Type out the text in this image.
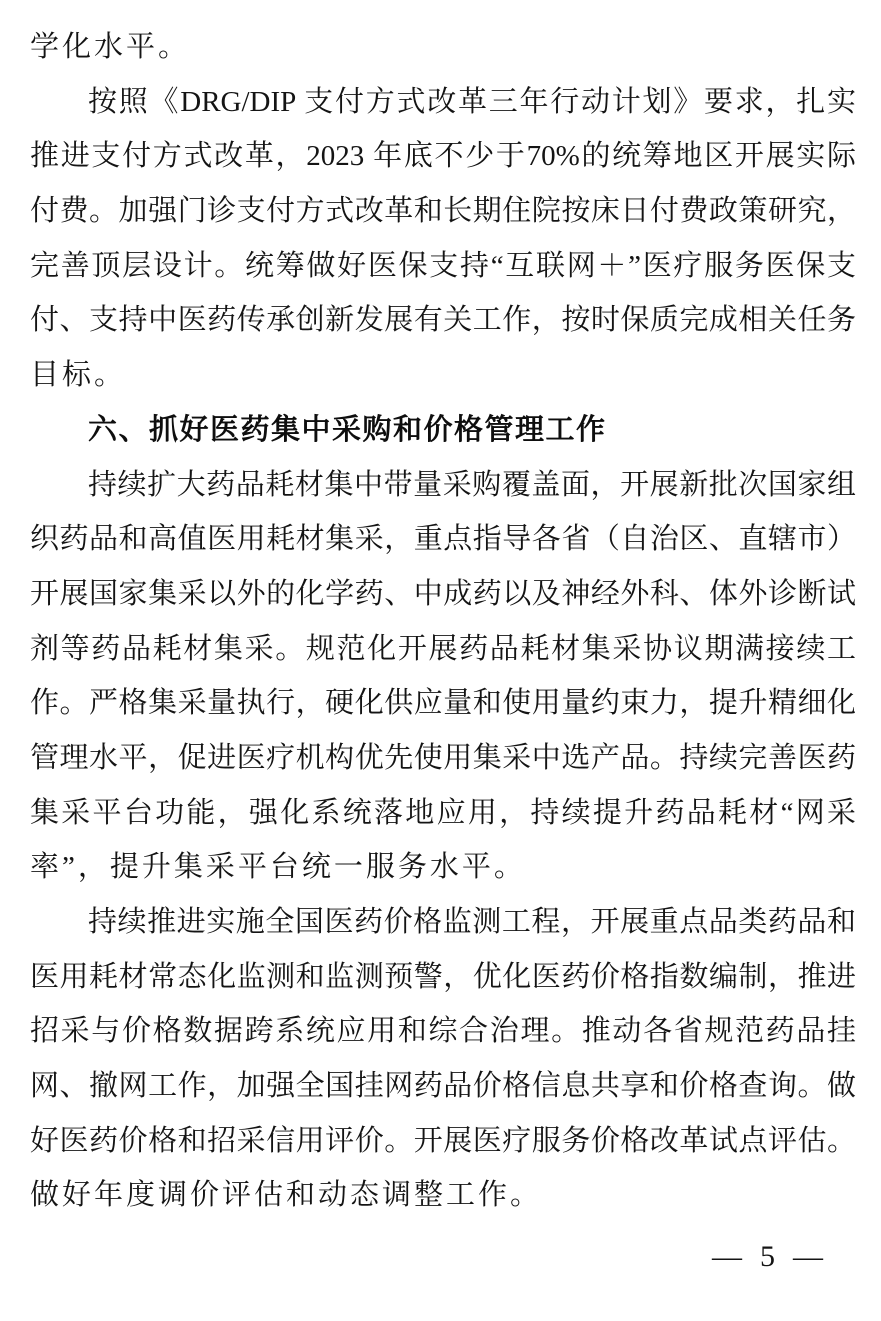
学化水平。
按照《DRG/DIP 支付方式改革三年行动计划》要求，扎实
推进支付方式改革，2023 年底不少于70%的统筹地区开展实际
付费。加强门诊支付方式改革和长期住院按床日付费政策研究，
完善顶层设计。统筹做好医保支持“互联网＋”医疗服务医保支
付、支持中医药传承创新发展有关工作，按时保质完成相关任务
目标。
六、抓好医药集中采购和价格管理工作
持续扩大药品耗材集中带量采购覆盖面，开展新批次国家组
织药品和高值医用耗材集采，重点指导各省（自治区、直辖市）
开展国家集采以外的化学药、中成药以及神经外科、体外诊断试
剂等药品耗材集采。规范化开展药品耗材集采协议期满接续工
作。严格集采量执行，硬化供应量和使用量约束力，提升精细化
管理水平，促进医疗机构优先使用集采中选产品。持续完善医药
集采平台功能，强化系统落地应用，持续提升药品耗材“网采
率”，提升集采平台统一服务水平。
持续推进实施全国医药价格监测工程，开展重点品类药品和
医用耗材常态化监测和监测预警，优化医药价格指数编制，推进
招采与价格数据跨系统应用和综合治理。推动各省规范药品挂
网、撤网工作，加强全国挂网药品价格信息共享和价格查询。做
好医药价格和招采信用评价。开展医疗服务价格改革试点评估。
做好年度调价评估和动态调整工作。
— 5 —
